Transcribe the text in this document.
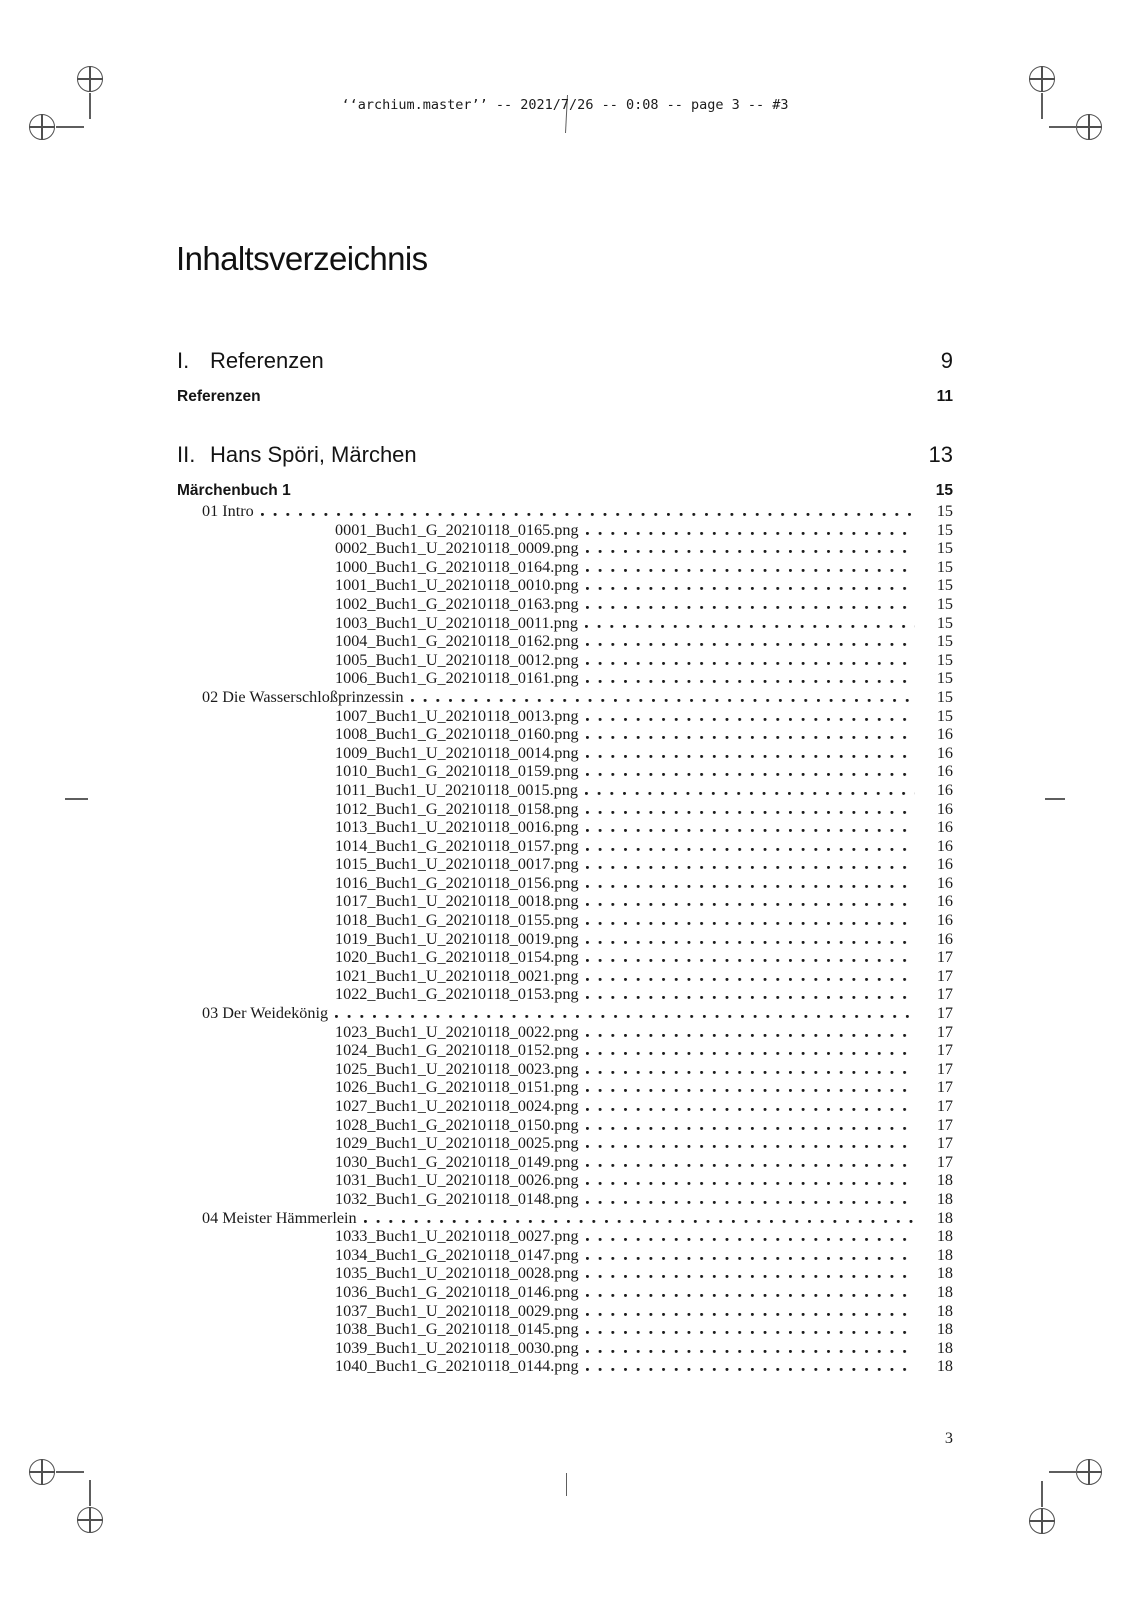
‘‘archium.master’’ -- 2021/7/26 -- 0:08 -- page 3 -- #3
Inhaltsverzeichnis
I. Referenzen	9
Referenzen	11
II. Hans Spöri, Märchen	13
Märchenbuch 1	15
01 Intro	15
0001_Buch1_G_20210118_0165.png	15
0002_Buch1_U_20210118_0009.png	15
1000_Buch1_G_20210118_0164.png	15
1001_Buch1_U_20210118_0010.png	15
1002_Buch1_G_20210118_0163.png	15
1003_Buch1_U_20210118_0011.png	15
1004_Buch1_G_20210118_0162.png	15
1005_Buch1_U_20210118_0012.png	15
1006_Buch1_G_20210118_0161.png	15
02 Die Wasserschloßprinzessin	15
1007_Buch1_U_20210118_0013.png	15
1008_Buch1_G_20210118_0160.png	16
1009_Buch1_U_20210118_0014.png	16
1010_Buch1_G_20210118_0159.png	16
1011_Buch1_U_20210118_0015.png	16
1012_Buch1_G_20210118_0158.png	16
1013_Buch1_U_20210118_0016.png	16
1014_Buch1_G_20210118_0157.png	16
1015_Buch1_U_20210118_0017.png	16
1016_Buch1_G_20210118_0156.png	16
1017_Buch1_U_20210118_0018.png	16
1018_Buch1_G_20210118_0155.png	16
1019_Buch1_U_20210118_0019.png	16
1020_Buch1_G_20210118_0154.png	17
1021_Buch1_U_20210118_0021.png	17
1022_Buch1_G_20210118_0153.png	17
03 Der Weidekönig	17
1023_Buch1_U_20210118_0022.png	17
1024_Buch1_G_20210118_0152.png	17
1025_Buch1_U_20210118_0023.png	17
1026_Buch1_G_20210118_0151.png	17
1027_Buch1_U_20210118_0024.png	17
1028_Buch1_G_20210118_0150.png	17
1029_Buch1_U_20210118_0025.png	17
1030_Buch1_G_20210118_0149.png	17
1031_Buch1_U_20210118_0026.png	18
1032_Buch1_G_20210118_0148.png	18
04 Meister Hämmerlein	18
1033_Buch1_U_20210118_0027.png	18
1034_Buch1_G_20210118_0147.png	18
1035_Buch1_U_20210118_0028.png	18
1036_Buch1_G_20210118_0146.png	18
1037_Buch1_U_20210118_0029.png	18
1038_Buch1_G_20210118_0145.png	18
1039_Buch1_U_20210118_0030.png	18
1040_Buch1_G_20210118_0144.png	18
3
